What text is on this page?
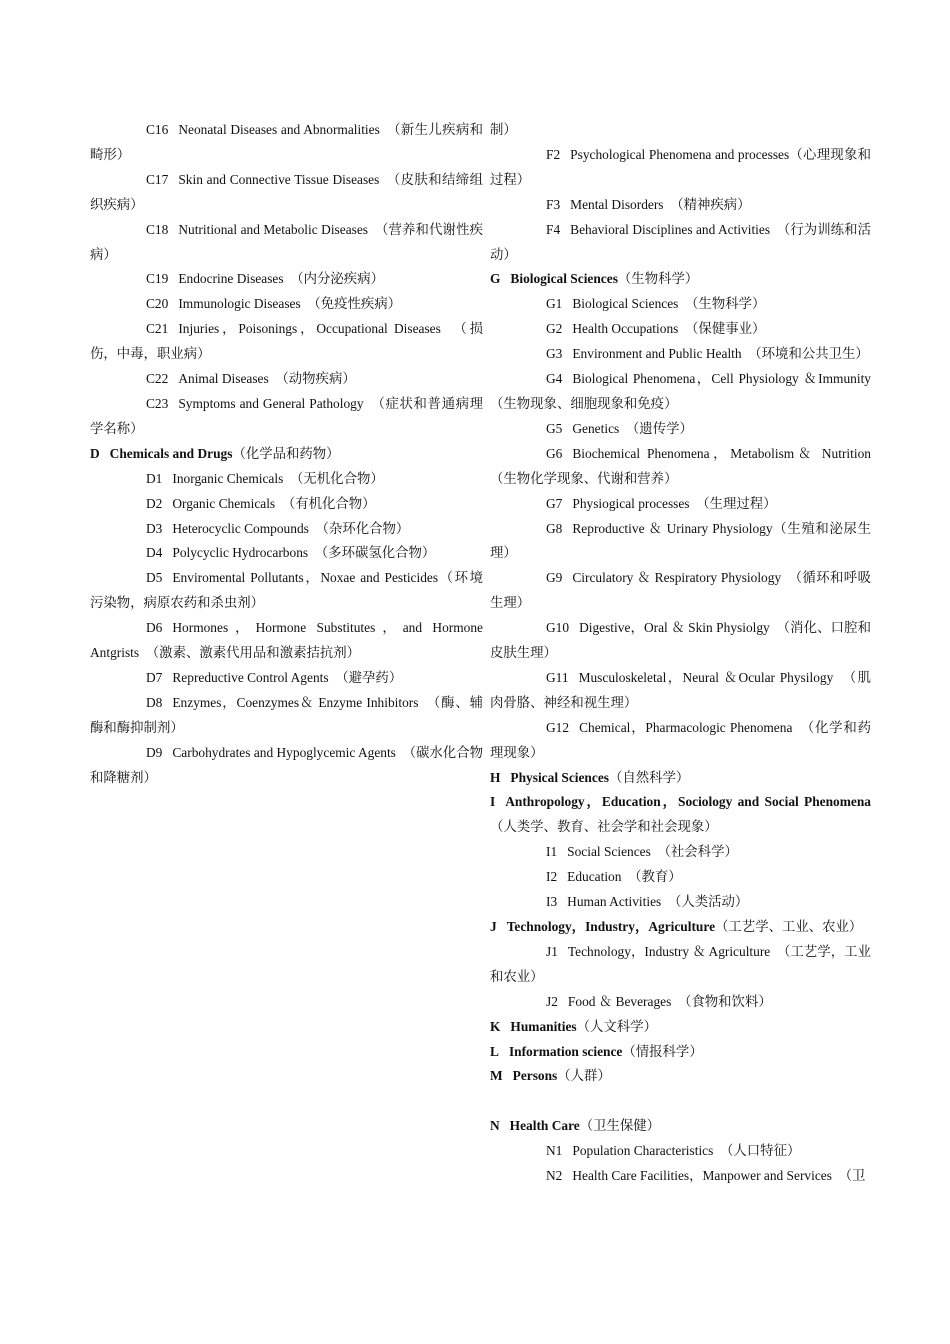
C16 Neonatal Diseases and Abnormalities　（新生儿疾病和畸形）

C17 Skin and Connective Tissue Diseases　（皮肤和结缔组织疾病）

C18 Nutritional and Metabolic Diseases　（营养和代谢性疾病）

C19 Endocrine Diseases　（内分泌疾病）

C20 Immunologic Diseases　（免疫性疾病）

C21 Injuries，Poisonings，Occupational Diseases　（损伤，中毒，职业病）

C22 Animal Diseases　（动物疾病）

C23 Symptoms and General Pathology　（症状和普通病理学名称）

D Chemicals and Drugs（化学品和药物）

D1 Inorganic Chemicals　（无机化合物）

D2 Organic Chemicals　（有机化合物）

D3 Heterocyclic Compounds　（杂环化合物）

D4 Polycyclic Hydrocarbons　（多环碳氢化合物）

D5 Enviromental Pollutants，Noxae and Pesticides（环境污染物，病原农药和杀虫剂）

D6 Hormones，Hormone Substitutes，and Hormone Antgrists　（激素、激素代用品和激素拮抗剂）

D7 Repreductive Control Agents　（避孕药）

D8 Enzymes，Coenzymes＆ Enzyme Inhibitors　（酶、辅酶和酶抑制剂）

D9 Carbohydrates and Hypoglycemic Agents　（碳水化合物和降糖剂）

制）

F2 Psychological Phenomena and processes（心理现象和过程）

F3 Mental Disorders　（精神疾病）

F4 Behavioral Disciplines and Activities　（行为训练和活动）

G Biological Sciences（生物科学）

G1 Biological Sciences　（生物科学）

G2 Health Occupations　（保健事业）

G3 Environment and Public Health　（环境和公共卫生）

G4 Biological Phenomena，Cell Physiology ＆Immunity（生物现象、细胞现象和免疫）

G5 Genetics　（遗传学）

G6 Biochemical Phenomena，Metabolism＆ Nutrition（生物化学现象、代谢和营养）

G7 Physiogical processes　（生理过程）

G8 Reproductive ＆ Urinary Physiology（生殖和泌尿生理）

G9 Circulatory ＆ Respiratory Physiology　（循环和呼吸生理）

G10 Digestive，Oral ＆ Skin Physiolgy　（消化、口腔和皮肤生理）

G11 Musculoskeletal，Neural ＆Ocular Physilogy　（肌肉骨胳、神经和视生理）

G12 Chemical，Pharmacologic Phenomena　（化学和药理现象）

H Physical Sciences（自然科学）

I Anthropology，Education，Sociology and Social Phenomena（人类学、教育、社会学和社会现象）

I1 Social Sciences　（社会科学）

I2 Education　（教育）

I3 Human Activities　（人类活动）

J Technology，Industry，Agriculture（工艺学、工业、农业）

J1 Technology，Industry ＆ Agriculture　（工艺学，工业和农业）

J2 Food ＆ Beverages　（食物和饮料）

K Humanities（人文科学）

L Information science（情报科学）

M Persons（人群）

N Health Care（卫生保健）

N1 Population Characteristics　（人口特征）

N2 Health Care Facilities，Manpower and Services　（卫
